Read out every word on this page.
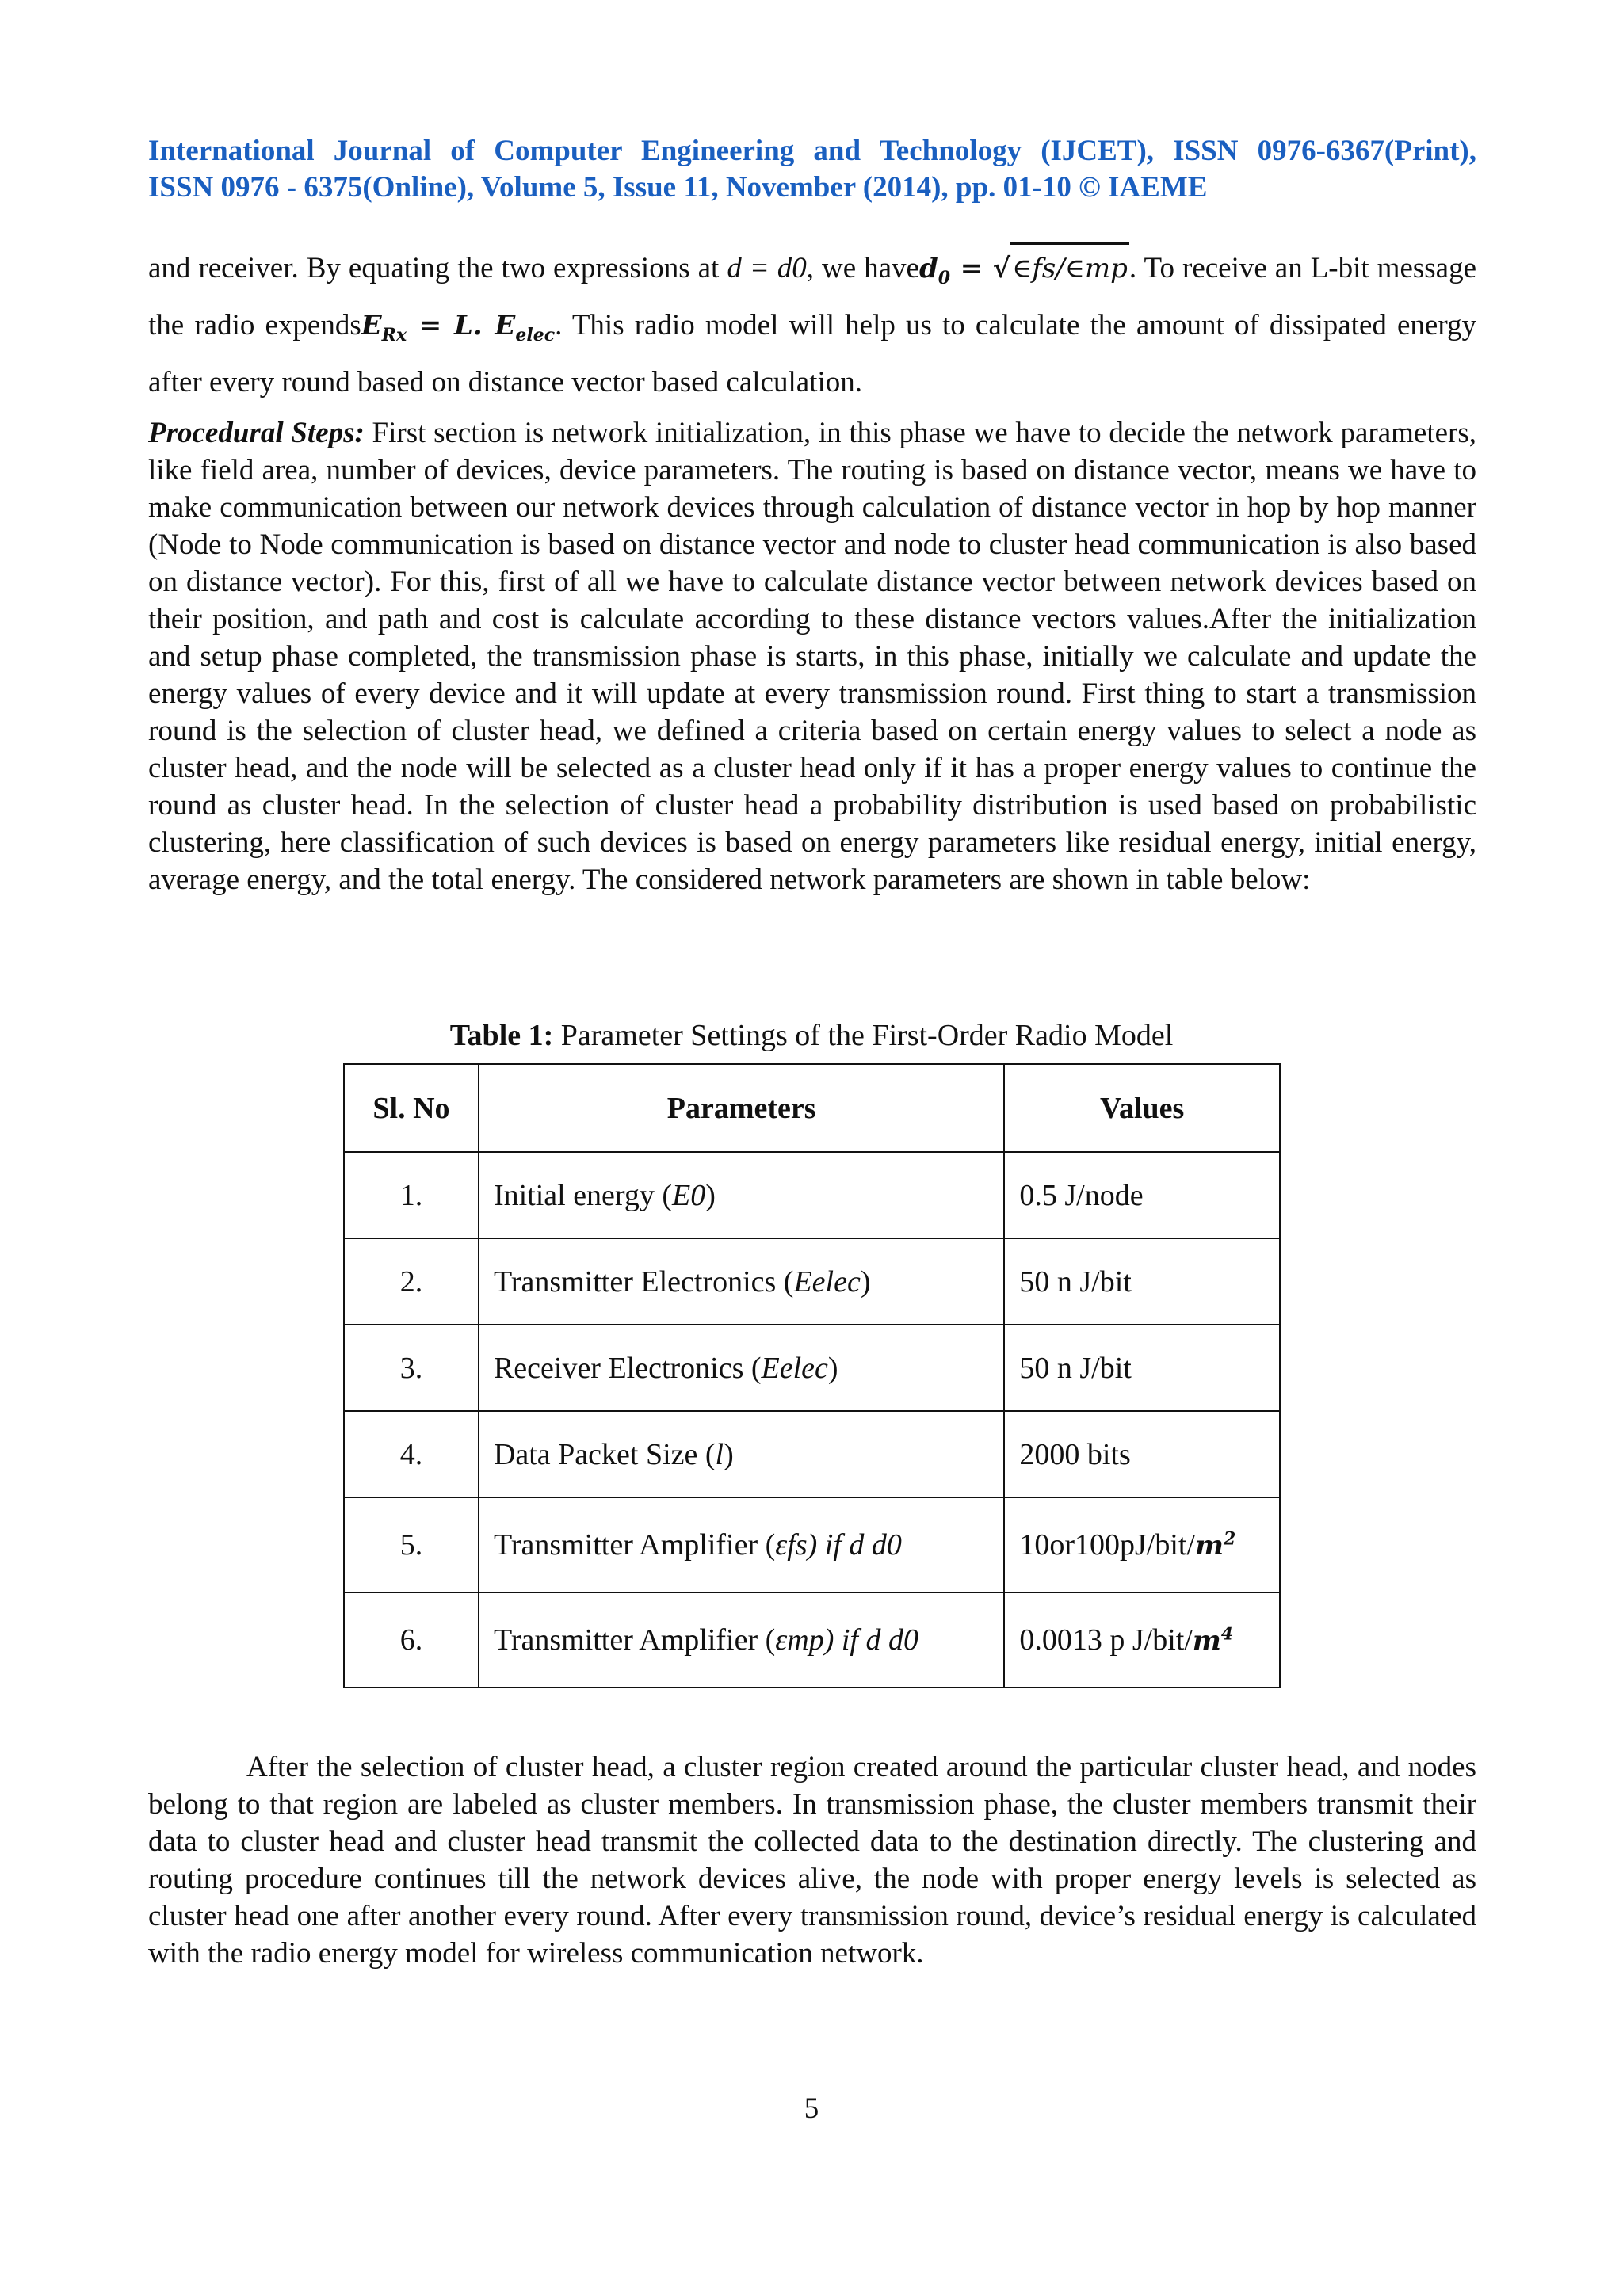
International Journal of Computer Engineering and Technology (IJCET), ISSN 0976-6367(Print),
ISSN 0976 - 6375(Online), Volume 5, Issue 11, November (2014), pp. 01-10 © IAEME
and receiver. By equating the two expressions at d = d0, we haved$_0$ = √∈fs/∈mp. To receive an L-bit message the radio expendsE$_{Rx}$ = L. $E_{elec}$. This radio model will help us to calculate the amount of dissipated energy after every round based on distance vector based calculation.
Procedural Steps: First section is network initialization, in this phase we have to decide the network parameters, like field area, number of devices, device parameters. The routing is based on distance vector, means we have to make communication between our network devices through calculation of distance vector in hop by hop manner (Node to Node communication is based on distance vector and node to cluster head communication is also based on distance vector). For this, first of all we have to calculate distance vector between network devices based on their position, and path and cost is calculate according to these distance vectors values.After the initialization and setup phase completed, the transmission phase is starts, in this phase, initially we calculate and update the energy values of every device and it will update at every transmission round. First thing to start a transmission round is the selection of cluster head, we defined a criteria based on certain energy values to select a node as cluster head, and the node will be selected as a cluster head only if it has a proper energy values to continue the round as cluster head. In the selection of cluster head a probability distribution is used based on probabilistic clustering, here classification of such devices is based on energy parameters like residual energy, initial energy, average energy, and the total energy. The considered network parameters are shown in table below:
Table 1: Parameter Settings of the First-Order Radio Model
Sl. No	Parameters	Values
1.	Initial energy (E0)	0.5 J/node
2.	Transmitter Electronics (Eelec)	50 n J/bit
3.	Receiver Electronics (Eelec)	50 n J/bit
4.	Data Packet Size (l)	2000 bits
5.	Transmitter Amplifier (εfs) if d d0	$10or100pJ/bit/m^2$
6.	Transmitter Amplifier (εmp) if d d0	0.0013 p $J/bit/m^4$
After the selection of cluster head, a cluster region created around the particular cluster head, and nodes belong to that region are labeled as cluster members. In transmission phase, the cluster members transmit their data to cluster head and cluster head transmit the collected data to the destination directly. The clustering and routing procedure continues till the network devices alive, the node with proper energy levels is selected as cluster head one after another every round. After every transmission round, device’s residual energy is calculated with the radio energy model for wireless communication network.
5
